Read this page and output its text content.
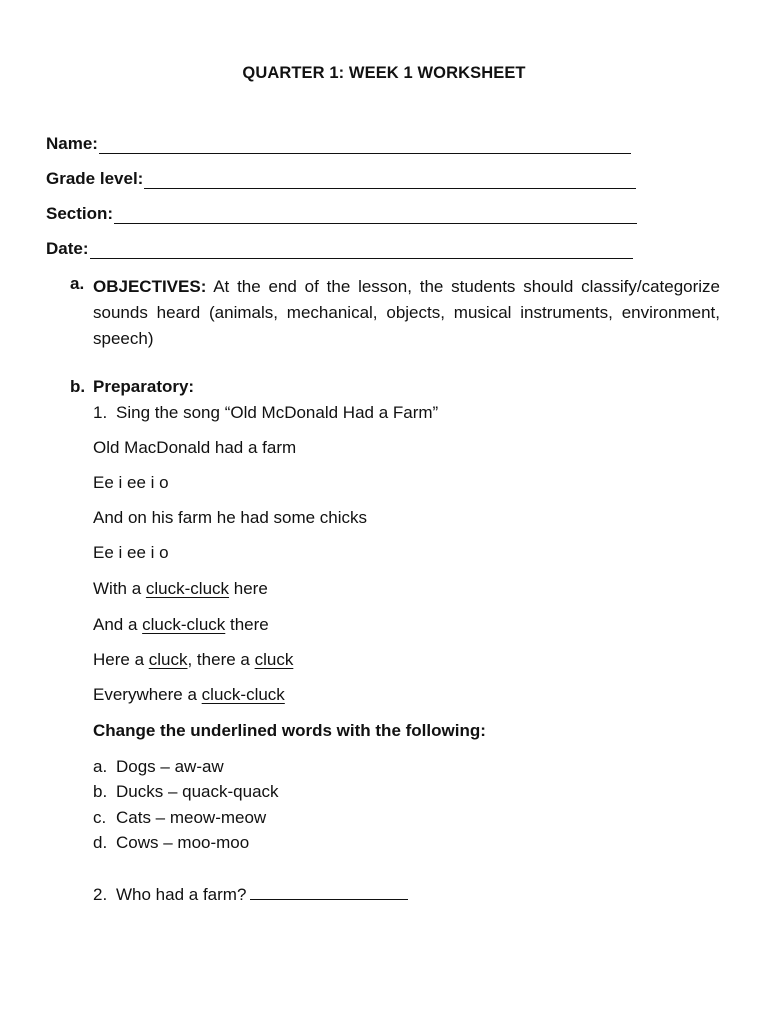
QUARTER 1: WEEK 1 WORKSHEET
Name:
Grade level:
Section:
Date:
a. OBJECTIVES: At the end of the lesson, the students should classify/categorize sounds heard (animals, mechanical, objects, musical instruments, environment, speech)
b. Preparatory:
1. Sing the song “Old McDonald Had a Farm”
Old MacDonald had a farm
Ee i ee i o
And on his farm he had some chicks
Ee i ee i o
With a cluck-cluck here
And a cluck-cluck there
Here a cluck, there a cluck
Everywhere a cluck-cluck
Change the underlined words with the following:
a. Dogs – aw-aw
b. Ducks – quack-quack
c. Cats – meow-meow
d. Cows – moo-moo
2. Who had a farm?
